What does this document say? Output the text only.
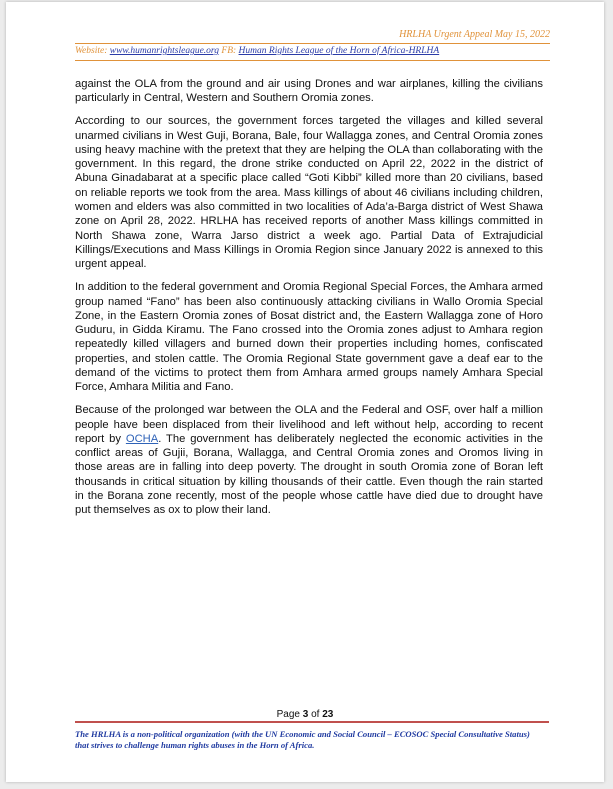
HRLHA Urgent Appeal May 15, 2022
Website: www.humanrightsleague.org FB: Human Rights League of the Horn of Africa-HRLHA

against the OLA from the ground and air using Drones and war airplanes, killing the civilians particularly in Central, Western and Southern Oromia zones.

According to our sources, the government forces targeted the villages and killed several unarmed civilians in West Guji, Borana, Bale, four Wallagga zones, and Central Oromia zones using heavy machine with the pretext that they are helping the OLA than collaborating with the government. In this regard, the drone strike conducted on April 22, 2022 in the district of Abuna Ginadabarat at a specific place called “Goti Kibbi” killed more than 20 civilians, based on reliable reports we took from the area. Mass killings of about 46 civilians including children, women and elders was also committed in two localities of Ada’a-Barga district of West Shawa zone on April 28, 2022. HRLHA has received reports of another Mass killings committed in North Shawa zone, Warra Jarso district a week ago. Partial Data of Extrajudicial Killings/Executions and Mass Killings in Oromia Region since January 2022 is annexed to this urgent appeal.

In addition to the federal government and Oromia Regional Special Forces, the Amhara armed group named “Fano” has been also continuously attacking civilians in Wallo Oromia Special Zone, in the Eastern Oromia zones of Bosat district and, the Eastern Wallagga zone of Horo Guduru, in Gidda Kiramu. The Fano crossed into the Oromia zones adjust to Amhara region repeatedly killed villagers and burned down their properties including homes, confiscated properties, and stolen cattle. The Oromia Regional State government gave a deaf ear to the demand of the victims to protect them from Amhara armed groups namely Amhara Special Force, Amhara Militia and Fano.

Because of the prolonged war between the OLA and the Federal and OSF, over half a million people have been displaced from their livelihood and left without help, according to recent report by OCHA. The government has deliberately neglected the economic activities in the conflict areas of Gujii, Borana, Wallagga, and Central Oromia zones and Oromos living in those areas are in falling into deep poverty. The drought in south Oromia zone of Boran left thousands in critical situation by killing thousands of their cattle. Even though the rain started in the Borana zone recently, most of the people whose cattle have died due to drought have put themselves as ox to plow their land.

Page 3 of 23
The HRLHA is a non-political organization (with the UN Economic and Social Council – ECOSOC Special Consultative Status) that strives to challenge human rights abuses in the Horn of Africa.
